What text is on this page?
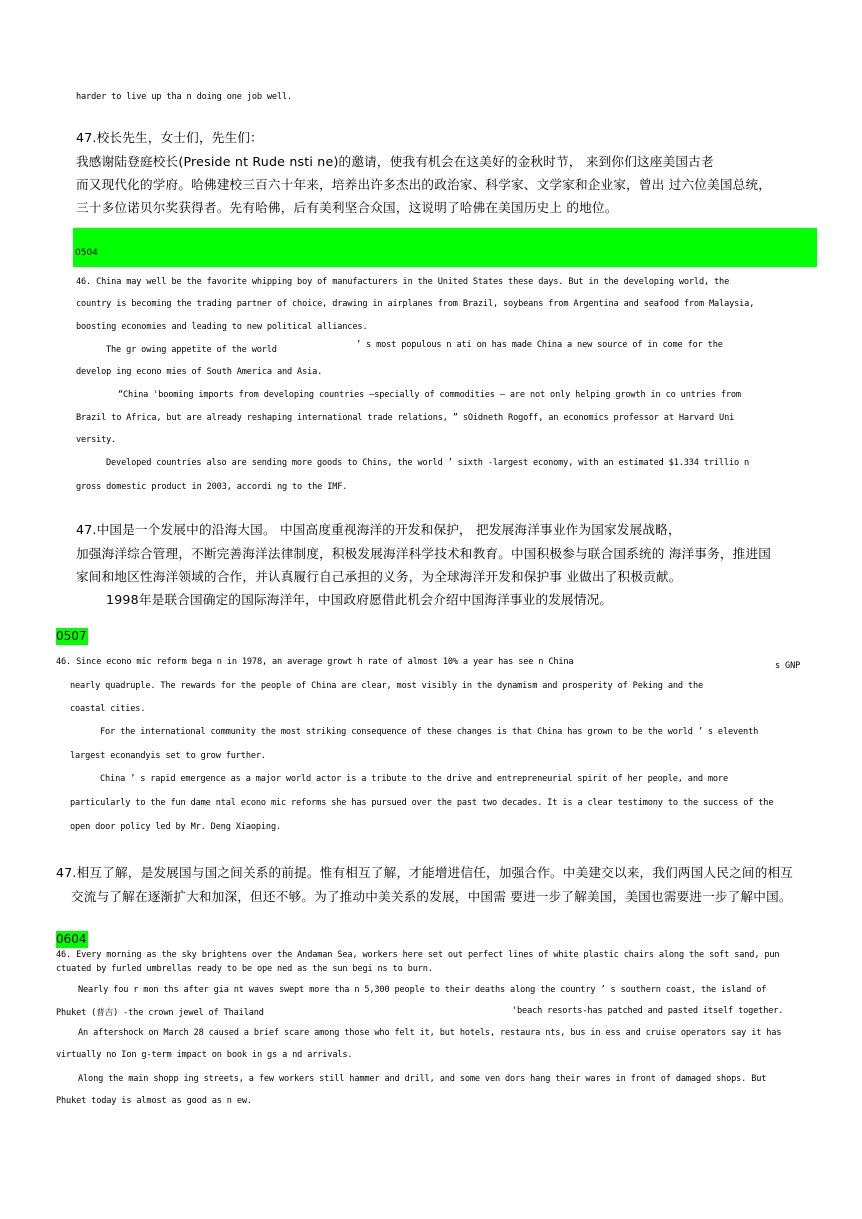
harder to live up tha n doing one job well.
47.校长先生，女士们，先生们：
我感谢陆登庭校长(Preside nt Rude nsti ne)的邀请，使我有机会在这美好的金秋时节， 来到你们这座美国古老
而又现代化的学府。哈佛建校三百六十年来，培养出许多杰出的政治家、科学家、文学家和企业家，曾出 过六位美国总统，
三十多位诺贝尔奖获得者。先有哈佛，后有美利坚合众国，这说明了哈佛在美国历史上 的地位。
0504
46. China may well be the favorite whipping boy of manufacturers in the United States these days. But in the developing world, the
country is becoming the trading partner of choice, drawing in airplanes from Brazil, soybeans from Argentina and seafood from Malaysia,
boosting economies and leading to new political alliances.
The gr owing appetite of the world	’ s most populous n ati on has made China a new source of in come for the
develop ing econo mies of South America and Asia.
“China 'booming imports from developing countries —specially of commodities — are not only helping growth in co untries from
Brazil to Africa, but are already reshaping international trade relations, ” sOidneth Rogoff, an economics professor at Harvard Uni
versity.
Developed countries also are sending more goods to Chins, the world ’ sixth -largest economy, with an estimated $1.334 trillio n
gross domestic product in 2003, accordi ng to the IMF.
47.中国是一个发展中的沿海大国。 中国高度重视海洋的开发和保护， 把发展海洋事业作为国家发展战略，
加强海洋综合管理，不断完善海洋法律制度，积极发展海洋科学技术和教育。中国积极参与联合国系统的 海洋事务，推进国
家间和地区性海洋领域的合作，并认真履行自己承担的义务，为全球海洋开发和保护事 业做出了积极贡献。
1998年是联合国确定的国际海洋年，中国政府愿借此机会介绍中国海洋事业的发展情况。
0507
46. Since econo mic reform bega n in 1978, an average growt h rate of almost 10% a year has see n China	s GNP
nearly quadruple. The rewards for the people of China are clear, most visibly in the dynamism and prosperity of Peking and the
coastal cities.
For the international community the most striking consequence of these changes is that China has grown to be the world ’ s eleventh
largest econandyis set to grow further.
China ’ s rapid emergence as a major world actor is a tribute to the drive and entrepreneurial spirit of her people, and more
particularly to the fun dame ntal econo mic reforms she has pursued over the past two decades. It is a clear testimony to the success of the
open door policy led by Mr. Deng Xiaoping.
47.相互了解，是发展国与国之间关系的前提。惟有相互了解，才能增进信任，加强合作。中美建交以来，我们两国人民之间的相互
交流与了解在逐渐扩大和加深，但还不够。为了推动中美关系的发展，中国需 要进一步了解美国，美国也需要进一步了解中国。
0604
46. Every morning as the sky brightens over the Andaman Sea, workers here set out perfect lines of white plastic chairs along the soft sand, pun
ctuated by furled umbrellas ready to be ope ned as the sun begi ns to burn.
Nearly fou r mon ths after gia nt waves swept more tha n 5,300 people to their deaths along the country ’ s southern coast, the island of
Phuket (普吉) -the crown jewel of Thailand	'beach resorts-has patched and pasted itself together.
An aftershock on March 28 caused a brief scare among those who felt it, but hotels, restaura nts, bus in ess and cruise operators say it has
virtually no Ion g-term impact on book in gs a nd arrivals.
Along the main shopp ing streets, a few workers still hammer and drill, and some ven dors hang their wares in front of damaged shops. But
Phuket today is almost as good as n ew.
